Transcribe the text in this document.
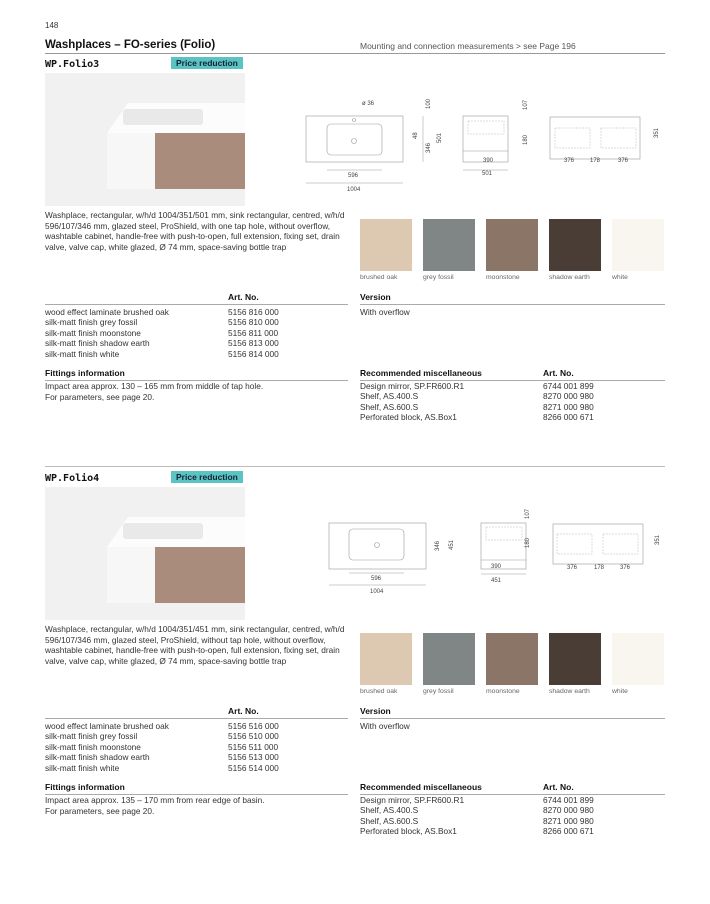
148
Washplaces – FO-series (Folio)	Mounting and connection measurements > see Page 196
WP.Folio3	Price reduction
ø 36	100
48
346
501
596
1004
107
180
390
501
351
376	178	376
Washplace, rectangular, w/h/d 1004/351/501 mm, sink rectangular, centred, w/h/d 596/107/346 mm, glazed steel, ProShield, with one tap hole, without overflow, washtable cabinet, handle-free with push-to-open, full extension, fixing set, drain valve, valve cap, white glazed, Ø 74 mm, space-saving bottle trap
brushed oak	grey fossil	moonstone	shadow earth	white
Art. No.	Version
With overflow
wood effect laminate brushed oak	5156 816 000
silk-matt finish grey fossil	5156 810 000
silk-matt finish moonstone	5156 811 000
silk-matt finish shadow earth	5156 813 000
silk-matt finish white	5156 814 000
Fittings information
Impact area approx. 130 – 165 mm from middle of tap hole.
For parameters, see page 20.
Recommended miscellaneous	Art. No.
Design mirror, SP.FR600.R1	6744 001 899
Shelf, AS.400.S	8270 000 980
Shelf, AS.600.S	8271 000 980
Perforated block, AS.Box1	8266 000 671
WP.Folio4	Price reduction
346 451
596
1004
107
180
390
451
351
376	178	376
Washplace, rectangular, w/h/d 1004/351/451 mm, sink rectangular, centred, w/h/d 596/107/346 mm, glazed steel, ProShield, without tap hole, without overflow, washtable cabinet, handle-free with push-to-open, full extension, fixing set, drain valve, valve cap, white glazed, Ø 74 mm, space-saving bottle trap
brushed oak	grey fossil	moonstone	shadow earth	white
Art. No.	Version
With overflow
wood effect laminate brushed oak	5156 516 000
silk-matt finish grey fossil	5156 510 000
silk-matt finish moonstone	5156 511 000
silk-matt finish shadow earth	5156 513 000
silk-matt finish white	5156 514 000
Fittings information
Impact area approx. 135 – 170 mm from rear edge of basin.
For parameters, see page 20.
Recommended miscellaneous	Art. No.
Design mirror, SP.FR600.R1	6744 001 899
Shelf, AS.400.S	8270 000 980
Shelf, AS.600.S	8271 000 980
Perforated block, AS.Box1	8266 000 671
